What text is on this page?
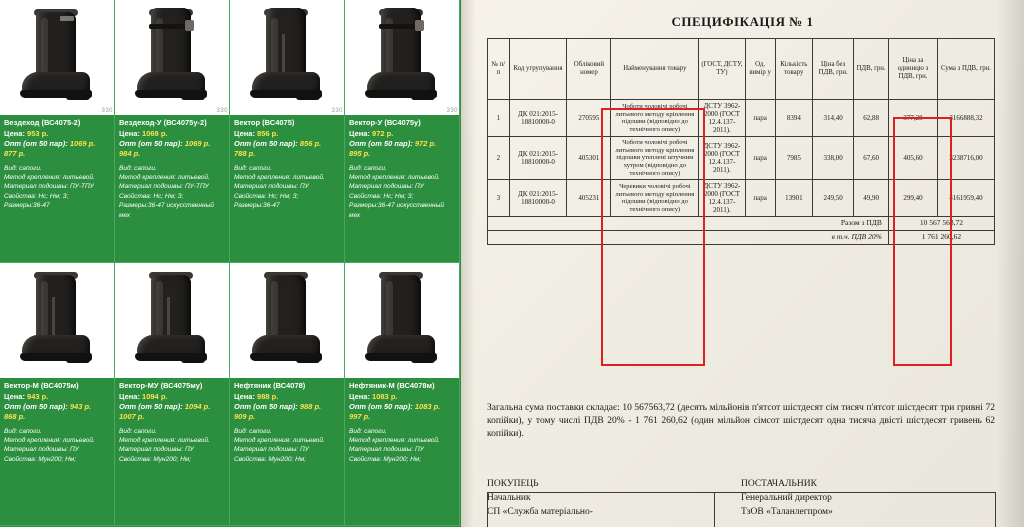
330
Вездеход (ВС4075-2)
Цена: 953 р.
Опт (от 50 пар): 1069 р.
877 р.
Вид: сапоги.
Метод крепления: литьевой.
Материал подошвы: ПУ-ТПУ
Свойства: Нс; Нм; З;
Размеры:36-47
330
Вездеход-У (ВС4075у-2)
Цена: 1069 р.
Опт (от 50 пар): 1069 р.
984 р.
Вид: сапоги.
Метод крепления: литьевой.
Материал подошвы: ПУ-ТПУ
Свойства: Нс; Нм; З;
Размеры:36-47 искусственный мех
330
Вектор (ВС4075)
Цена: 856 р.
Опт (от 50 пар): 856 р.
788 р.
Вид: сапоги.
Метод крепления: литьевой.
Материал подошвы: ПУ
Свойства: Нс; Нм; З;
Размеры:36-47
330
Вектор-У (ВС4075у)
Цена: 972 р.
Опт (от 50 пар): 972 р.
895 р.
Вид: сапоги.
Метод крепления: литьевой.
Материал подошвы: ПУ
Свойства: Нс; Нм; З;
Размеры:36-47 искусственный мех
Вектор-М (ВС4075м)
Цена: 943 р.
Опт (от 50 пар): 943 р.
868 р.
Вид: сапоги.
Метод крепления: литьевой.
Материал подошвы: ПУ
Свойства: Мун200; Нм;
Вектор-МУ (ВС4075му)
Цена: 1094 р.
Опт (от 50 пар): 1094 р.
1007 р.
Вид: сапоги.
Метод крепления: литьевой.
Материал подошвы: ПУ
Свойства: Мун200; Нм;
Нефтяник (ВС4078)
Цена: 988 р.
Опт (от 50 пар): 988 р.
909 р.
Вид: сапоги.
Метод крепления: литьевой.
Материал подошвы: ПУ
Свойства: Мун200; Нм;
Нефтяник-М (ВС4078м)
Цена: 1083 р.
Опт (от 50 пар): 1083 р.
997 р.
Вид: сапоги.
Метод крепления: литьевой.
Материал подошвы: ПУ
Свойства: Мун200; Нм;
СПЕЦИФІКАЦІЯ № 1
№ п/п	Код угрупування	Обліковий номер	Найменування товару	(ГОСТ, ДСТУ, ТУ)	Од. вимір у	Кількість товару	Ціна без ПДВ, грн.	ПДВ, грн.	Ціна за одиницю з ПДВ, грн.	Сума з ПДВ, грн.
1	ДК 021:2015-18810000-0	270595	Чоботи чоловічі робочі литьевого методу кріплення підошви (відповідно до технічного опису)	ДСТУ 3962-2000 (ГОСТ 12.4.137-2011).	пара	8394	314,40	62,88	377,28	3166888,32
2	ДК 021:2015-18810000-0	405301	Чоботи чоловічі робочі литьевого методу кріплення підошви утеплені штучним хутром (відповідно до технічного опису)	ДСТУ 3962-2000 (ГОСТ 12.4.137-2011).	пара	7985	338,00	67,60	405,60	3238716,00
3	ДК 021:2015-18810000-0	405231	Черевики чоловічі робочі литьевого методу кріплення підошви (відповідно до технічного опису)	ДСТУ 3962-2000 (ГОСТ 12.4.137-2011).	пара	13901	249,50	49,90	299,40	4161959,40
Разом з ПДВ									10 567 563,72	
в т.ч. ПДВ 20%									1 761 260,62	
Загальна сума поставки складає: 10 567563,72 (десять мільйонів п'ятсот шістдесят сім тисяч п'ятсот шістдесят три гривні 72 копійки), у тому числі ПДВ 20% - 1 761 260,62 (один мільйон сімсот шістдесят одна тисяча двісті шістдесят гривень 62 копійки).
ПОКУПЕЦЬ
Начальник
СП «Служба матеріально-
ПОСТАЧАЛЬНИК
Генеральний директор
ТзОВ «Таланлегпром»
